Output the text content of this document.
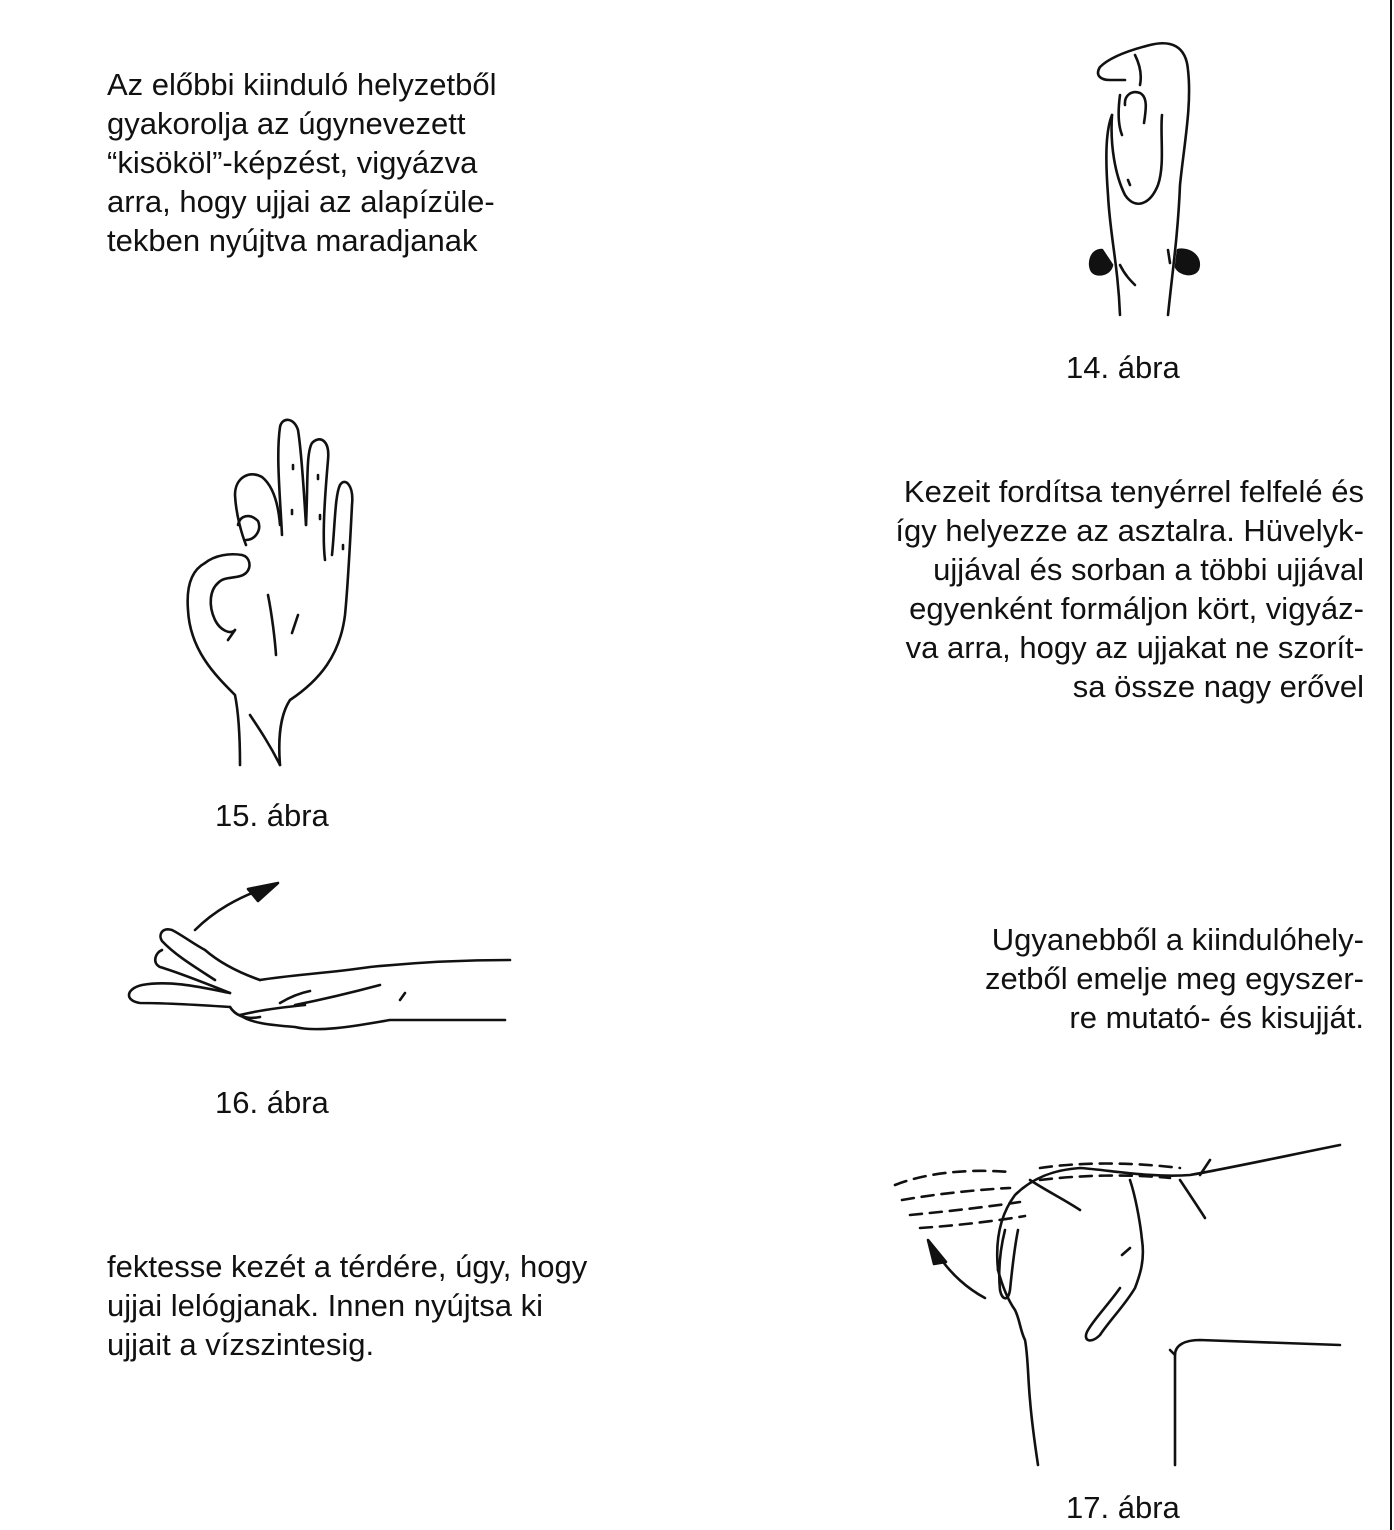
Az előbbi kiinduló helyzetből
gyakorolja az úgynevezett
“kisököl”-képzést, vigyázva
arra, hogy ujjai az alapízüle-
tekben nyújtva maradjanak
14. ábra
Kezeit fordítsa tenyérrel felfelé és
így helyezze az asztalra. Hüvelyk-
ujjával és sorban a többi ujjával
egyenként formáljon kört, vigyáz-
va arra, hogy az ujjakat ne szorít-
sa össze nagy erővel
15. ábra
Ugyanebből a kiindulóhely-
zetből emelje meg egyszer-
re mutató- és kisujját.
16. ábra
fektesse kezét a térdére, úgy, hogy
ujjai lelógjanak. Innen nyújtsa ki
ujjait a vízszintesig.
17. ábra
